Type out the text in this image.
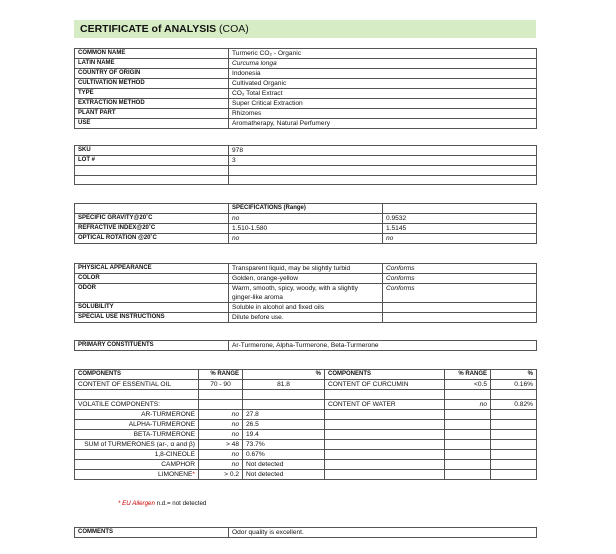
CERTIFICATE of ANALYSIS (COA)
COMMON NAME	Turmeric CO₂ - Organic
LATIN NAME	Curcuma longa
COUNTRY OF ORIGIN	Indonesia
CULTIVATION METHOD	Cultivated Organic
TYPE	CO₂ Total Extract
EXTRACTION METHOD	Super Critical Extraction
PLANT PART	Rhizomes
USE	Aromatherapy, Natural Perfumery
SKU	978
LOT #	3

	SPECIFICATIONS (Range)	
SPECIFIC GRAVITY@20˚C	no	0.9532
REFRACTIVE INDEX@20˚C	1.510-1.580	1.5145
OPTICAL ROTATION @20˚C	no	no
PHYSICAL APPEARANCE	Transparent liquid, may be slightly turbid	Conforms
COLOR	Golden, orange-yellow	Conforms
ODOR	Warm, smooth, spicy, woody, with a slightly ginger-like aroma	Conforms
SOLUBILITY	Soluble in alcohol and fixed oils	
SPECIAL USE INSTRUCTIONS	Dilute before use.	
PRIMARY CONSTITUENTS	Ar-Turmerone, Alpha-Turmerone, Beta-Turmerone
COMPONENTS	% RANGE	%	COMPONENTS	% RANGE	%
CONTENT OF ESSENTIAL OIL	70 - 90	81.8	CONTENT OF CURCUMIN	<0.5	0.16%

VOLATILE COMPONENTS:			CONTENT OF WATER	no	0.82%
AR-TURMERONE	no	27.8			
ALPHA-TURMERONE	no	26.5			
BETA-TURMERONE	no	19.4			
SUM of TURMERONES (ar-, α and β)	> 48	73.7%			
1,8-CINEOLE	no	0.67%			
CAMPHOR	no	Not detected			
LIMONENE*	> 0.2	Not detected			
* EU Allergen n.d.= not detected
COMMENTS	Odor quality is excellent.
